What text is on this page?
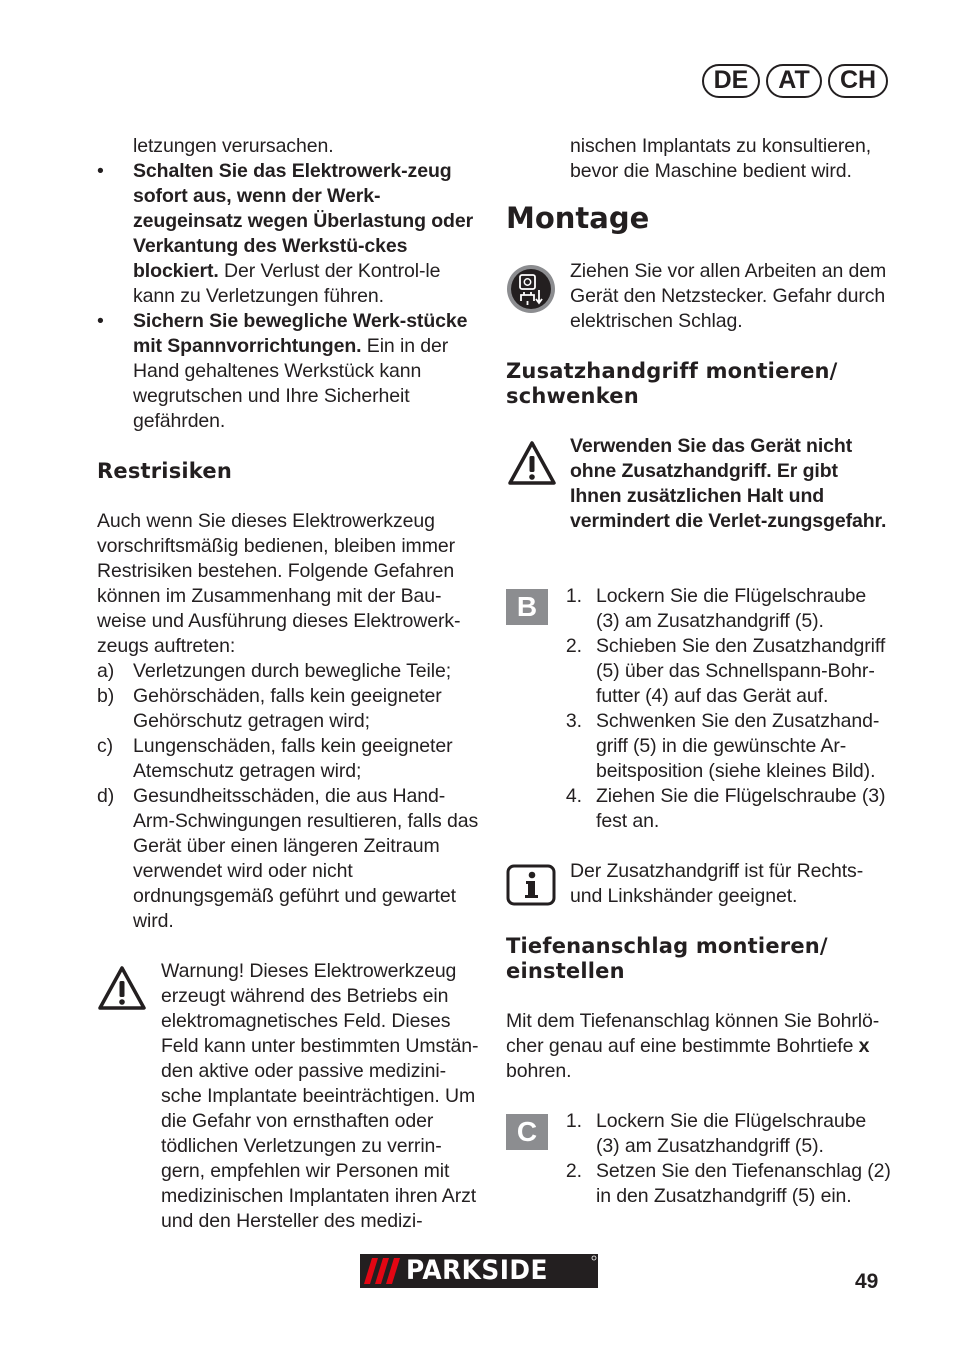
DE	AT	CH
letzungen verursachen.
• Schalten Sie das Elektrowerk-zeug sofort aus, wenn der Werk-zeugeinsatz wegen Überlastung oder Verkantung des Werkstü-ckes blockiert. Der Verlust der Kontrol-le kann zu Verletzungen führen.
• Sichern Sie bewegliche Werk-stücke mit Spannvorrichtungen. Ein in der Hand gehaltenes Werkstück kann wegrutschen und Ihre Sicherheit gefährden.
Restrisiken
Auch wenn Sie dieses Elektrowerkzeug vorschriftsmäßig bedienen, bleiben immer Restrisiken bestehen. Folgende Gefahren können im Zusammenhang mit der Bau-weise und Ausführung dieses Elektrowerk-zeugs auftreten:
a) Verletzungen durch bewegliche Teile;
b) Gehörschäden, falls kein geeigneter Gehörschutz getragen wird;
c) Lungenschäden, falls kein geeigneter Atemschutz getragen wird;
d) Gesundheitsschäden, die aus Hand-Arm-Schwingungen resultieren, falls das Gerät über einen längeren Zeitraum verwendet wird oder nicht ordnungsgemäß geführt und gewartet wird.
Warnung! Dieses Elektrowerkzeug erzeugt während des Betriebs ein elektromagnetisches Feld. Dieses Feld kann unter bestimmten Umstän-den aktive oder passive medizini-sche Implantate beeinträchtigen. Um die Gefahr von ernsthaften oder tödlichen Verletzungen zu verrin-gern, empfehlen wir Personen mit medizinischen Implantaten ihren Arzt und den Hersteller des medizi-
nischen Implantats zu konsultieren, bevor die Maschine bedient wird.
Montage
Ziehen Sie vor allen Arbeiten an dem Gerät den Netzstecker. Gefahr durch elektrischen Schlag.
Zusatzhandgriff montieren/ schwenken
Verwenden Sie das Gerät nicht ohne Zusatzhandgriff. Er gibt Ihnen zusätzlichen Halt und vermindert die Verlet-zungsgefahr.
B	1. Lockern Sie die Flügelschraube (3) am Zusatzhandgriff (5).
2. Schieben Sie den Zusatzhandgriff (5) über das Schnellspann-Bohr-futter (4) auf das Gerät auf.
3. Schwenken Sie den Zusatzhand-griff (5) in die gewünschte Ar-beitsposition (siehe kleines Bild).
4. Ziehen Sie die Flügelschraube (3) fest an.
Der Zusatzhandgriff ist für Rechts- und Linkshänder geeignet.
Tiefenanschlag montieren/ einstellen
Mit dem Tiefenanschlag können Sie Bohrlö-cher genau auf eine bestimmte Bohrtiefe x bohren.
C	1. Lockern Sie die Flügelschraube (3) am Zusatzhandgriff (5).
2. Setzen Sie den Tiefenanschlag (2) in den Zusatzhandgriff (5) ein.
PARKSIDE	49
